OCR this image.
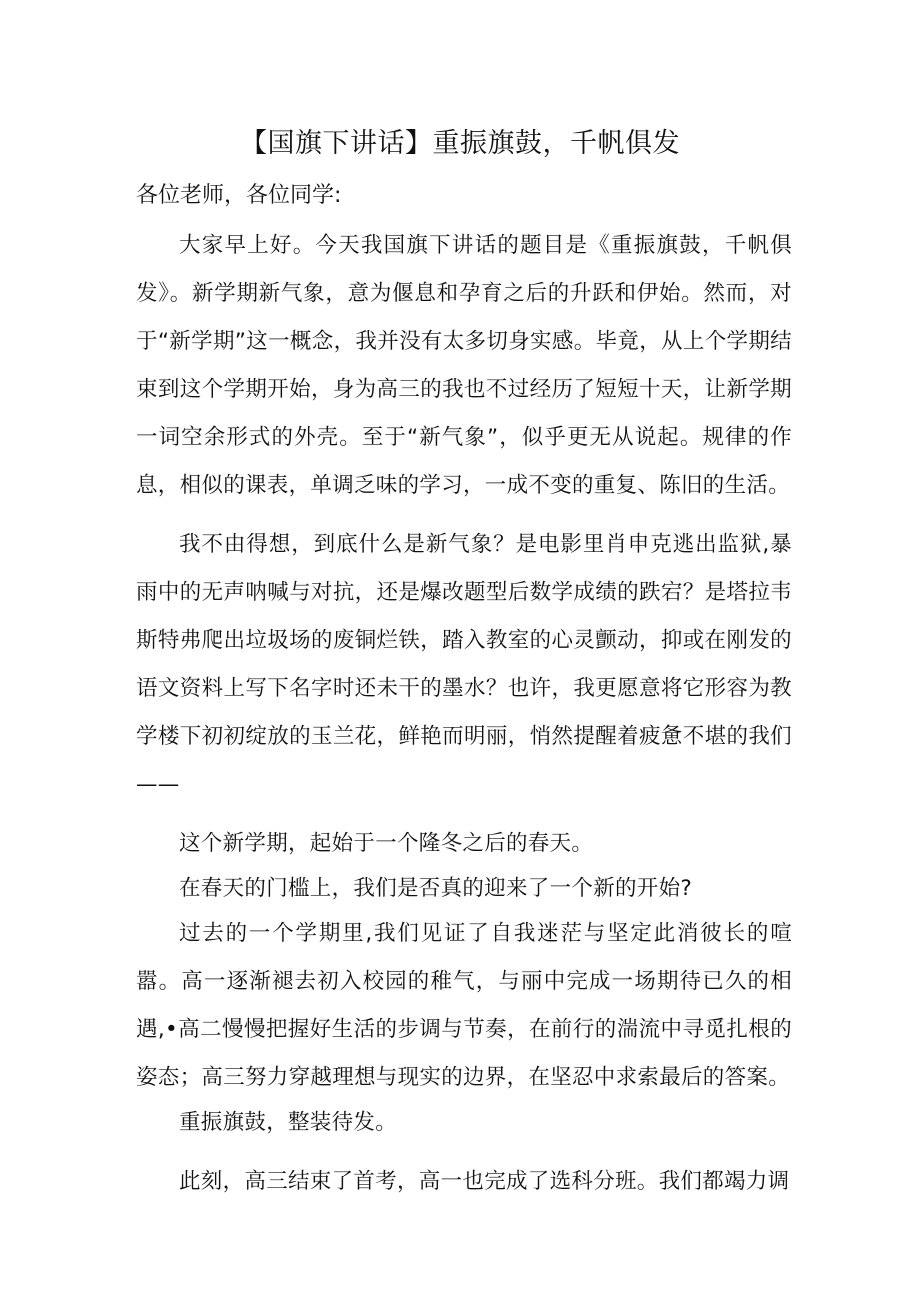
【国旗下讲话】重振旗鼓，千帆俱发

各位老师，各位同学:

大家早上好。今天我国旗下讲话的题目是《重振旗鼓，千帆俱发》。新学期新气象，意为偃息和孕育之后的升跃和伊始。然而，对于“新学期”这一概念，我并没有太多切身实感。毕竟，从上个学期结束到这个学期开始，身为高三的我也不过经历了短短十天，让新学期一词空余形式的外壳。至于“新气象”，似乎更无从说起。规律的作息，相似的课表，单调乏味的学习，一成不变的重复、陈旧的生活。

我不由得想，到底什么是新气象？是电影里肖申克逃出监狱,暴雨中的无声呐喊与对抗，还是爆改题型后数学成绩的跌宕？是塔拉韦斯特弗爬出垃圾场的废铜烂铁，踏入教室的心灵颤动，抑或在刚发的语文资料上写下名字时还未干的墨水？也许，我更愿意将它形容为教学楼下初初绽放的玉兰花，鲜艳而明丽，悄然提醒着疲惫不堪的我们——

这个新学期，起始于一个隆冬之后的春天。

在春天的门槛上，我们是否真的迎来了一个新的开始?

过去的一个学期里,我们见证了自我迷茫与坚定此消彼长的喧嚣。高一逐渐褪去初入校园的稚气，与丽中完成一场期待已久的相遇,•高二慢慢把握好生活的步调与节奏，在前行的湍流中寻觅扎根的姿态；高三努力穿越理想与现实的边界，在坚忍中求索最后的答案。

重振旗鼓，整装待发。

此刻，高三结束了首考，高一也完成了选科分班。我们都竭力调
